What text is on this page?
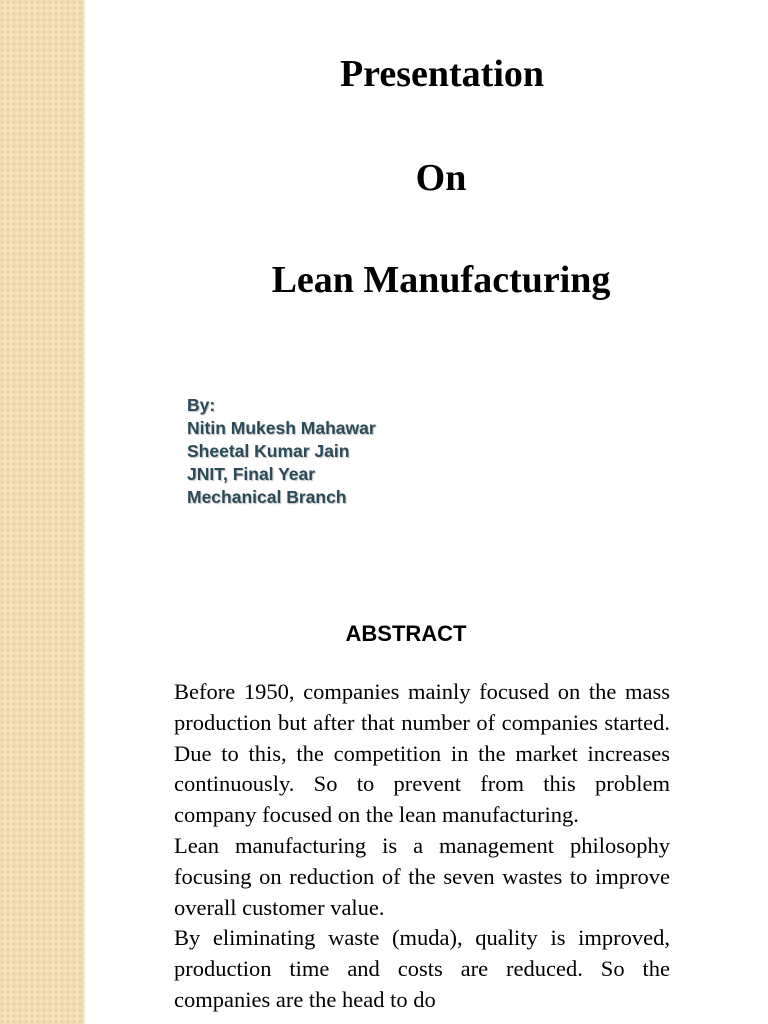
Presentation
On
Lean Manufacturing
By:
Nitin Mukesh Mahawar
Sheetal Kumar Jain
JNIT, Final Year
Mechanical Branch
ABSTRACT

Before 1950, companies mainly focused on the mass production but after that number of companies started. Due to this, the competition in the market increases continuously. So to prevent from this problem company focused on the lean manufacturing.

Lean manufacturing is a management philosophy focusing on reduction of the seven wastes to improve overall customer value.

By eliminating waste (muda), quality is improved, production time and costs are reduced. So the companies are the head to do
